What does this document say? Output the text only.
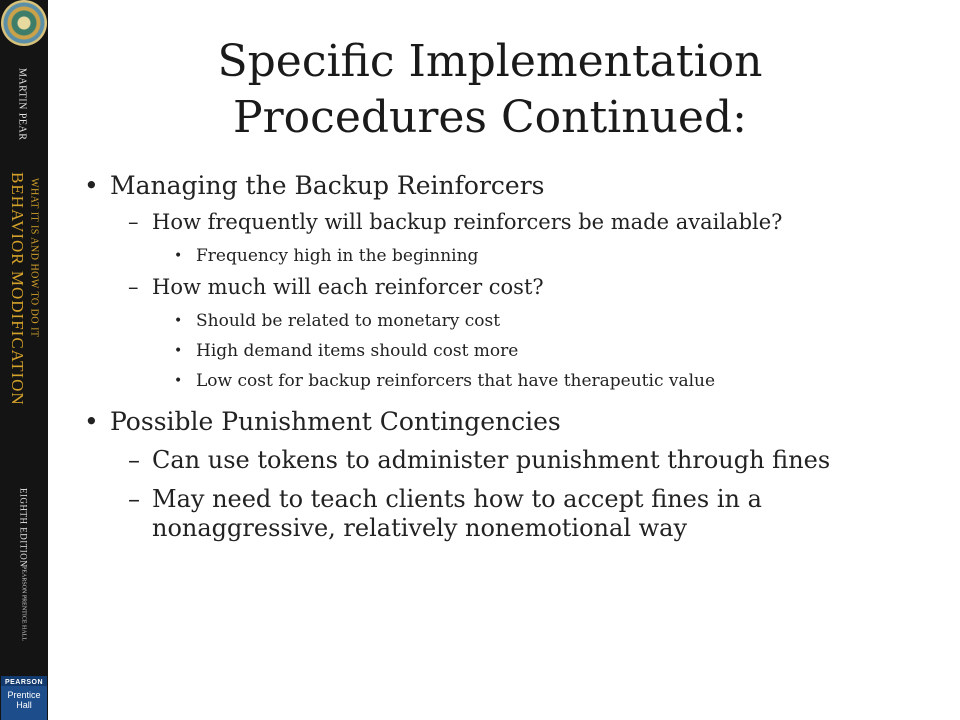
MARTIN PEAR
BEHAVIOR MODIFICATION WHAT IT IS AND HOW TO DO IT
EIGHTH EDITION
PEARSON PRENTICE HALL
PEARSON
Prentice
Hall
Specific Implementation
Procedures Continued:
• Managing the Backup Reinforcers
– How frequently will backup reinforcers be made available?
• Frequency high in the beginning
– How much will each reinforcer cost?
• Should be related to monetary cost
• High demand items should cost more
• Low cost for backup reinforcers that have therapeutic value
• Possible Punishment Contingencies
– Can use tokens to administer punishment through fines
– May need to teach clients how to accept fines in a nonaggressive, relatively nonemotional way
